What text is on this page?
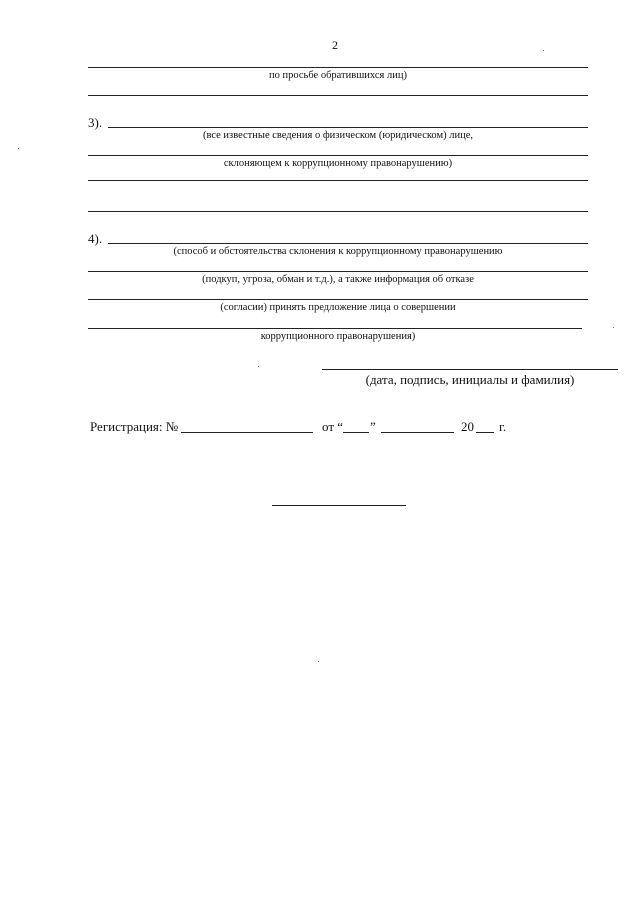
2
по просьбе обратившихся лиц)
3).
(все известные сведения о физическом (юридическом) лице,
склоняющем к коррупционному правонарушению)
4).
(способ и обстоятельства склонения к коррупционному правонарушению
(подкуп, угроза, обман и т.д.), а также информация об отказе
(согласии) принять предложение лица о совершении
коррупционного правонарушения)
(дата, подпись, инициалы и фамилия)
Регистрация: №	от “ ”	20 г.
